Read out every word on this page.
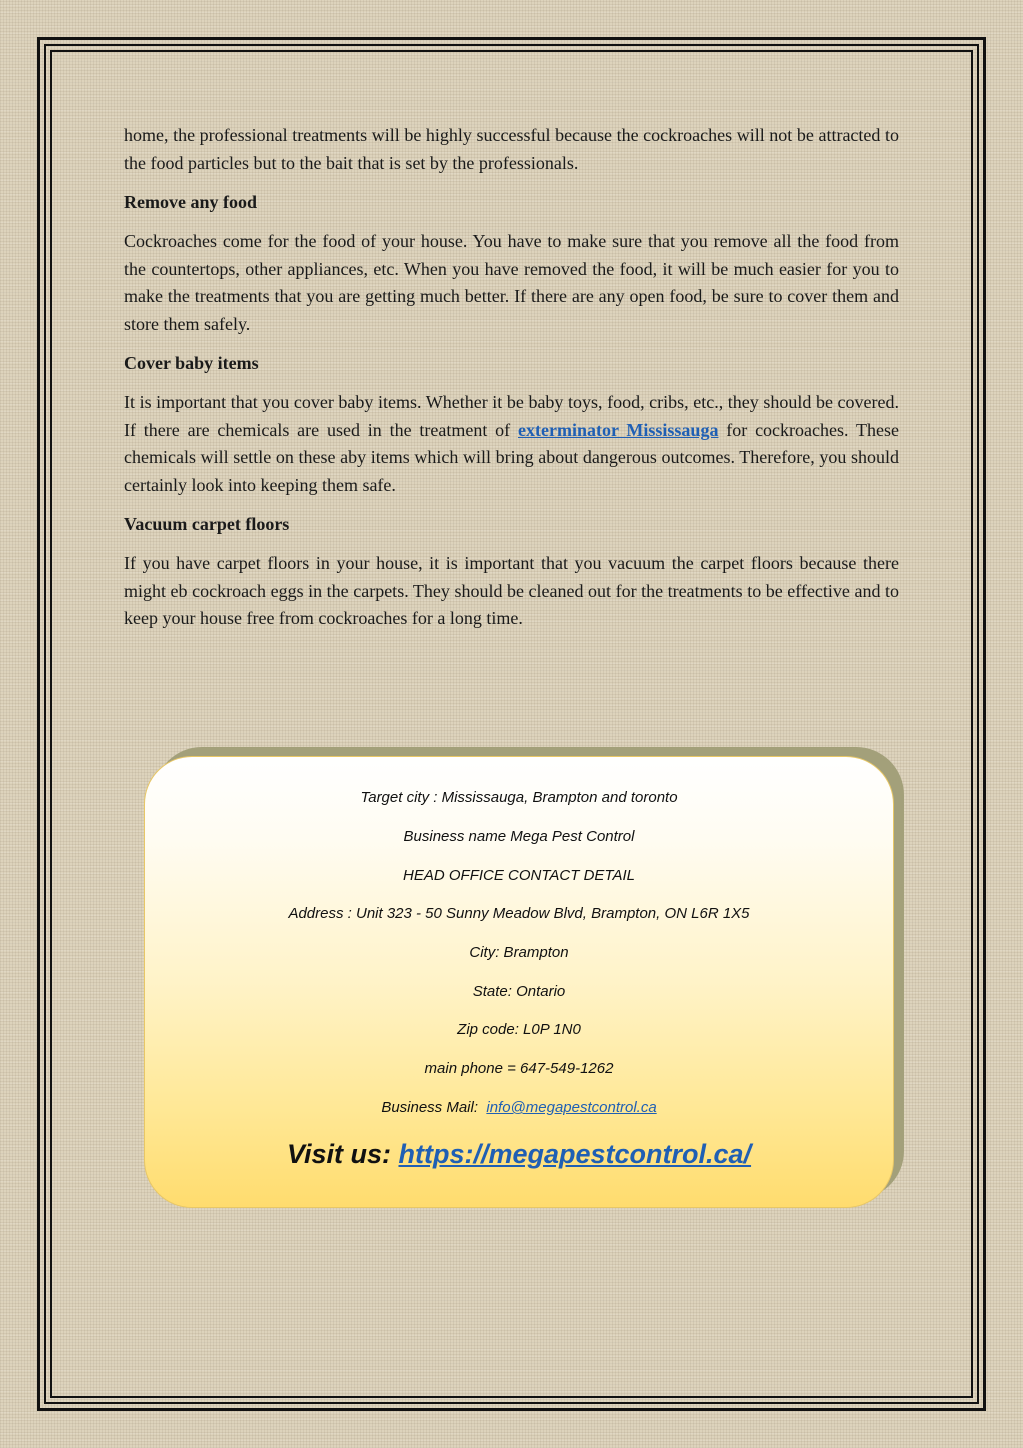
home, the professional treatments will be highly successful because the cockroaches will not be attracted to the food particles but to the bait that is set by the professionals.

Remove any food

Cockroaches come for the food of your house. You have to make sure that you remove all the food from the countertops, other appliances, etc. When you have removed the food, it will be much easier for you to make the treatments that you are getting much better. If there are any open food, be sure to cover them and store them safely.

Cover baby items

It is important that you cover baby items. Whether it be baby toys, food, cribs, etc., they should be covered. If there are chemicals are used in the treatment of exterminator Mississauga for cockroaches. These chemicals will settle on these aby items which will bring about dangerous outcomes. Therefore, you should certainly look into keeping them safe.

Vacuum carpet floors

If you have carpet floors in your house, it is important that you vacuum the carpet floors because there might eb cockroach eggs in the carpets. They should be cleaned out for the treatments to be effective and to keep your house free from cockroaches for a long time.

Target city : Mississauga, Brampton and toronto
Business name Mega Pest Control
HEAD OFFICE CONTACT DETAIL
Address : Unit 323 - 50 Sunny Meadow Blvd, Brampton, ON L6R 1X5
City: Brampton
State: Ontario
Zip code: L0P 1N0
main phone = 647-549-1262
Business Mail:  info@megapestcontrol.ca
Visit us: https://megapestcontrol.ca/
